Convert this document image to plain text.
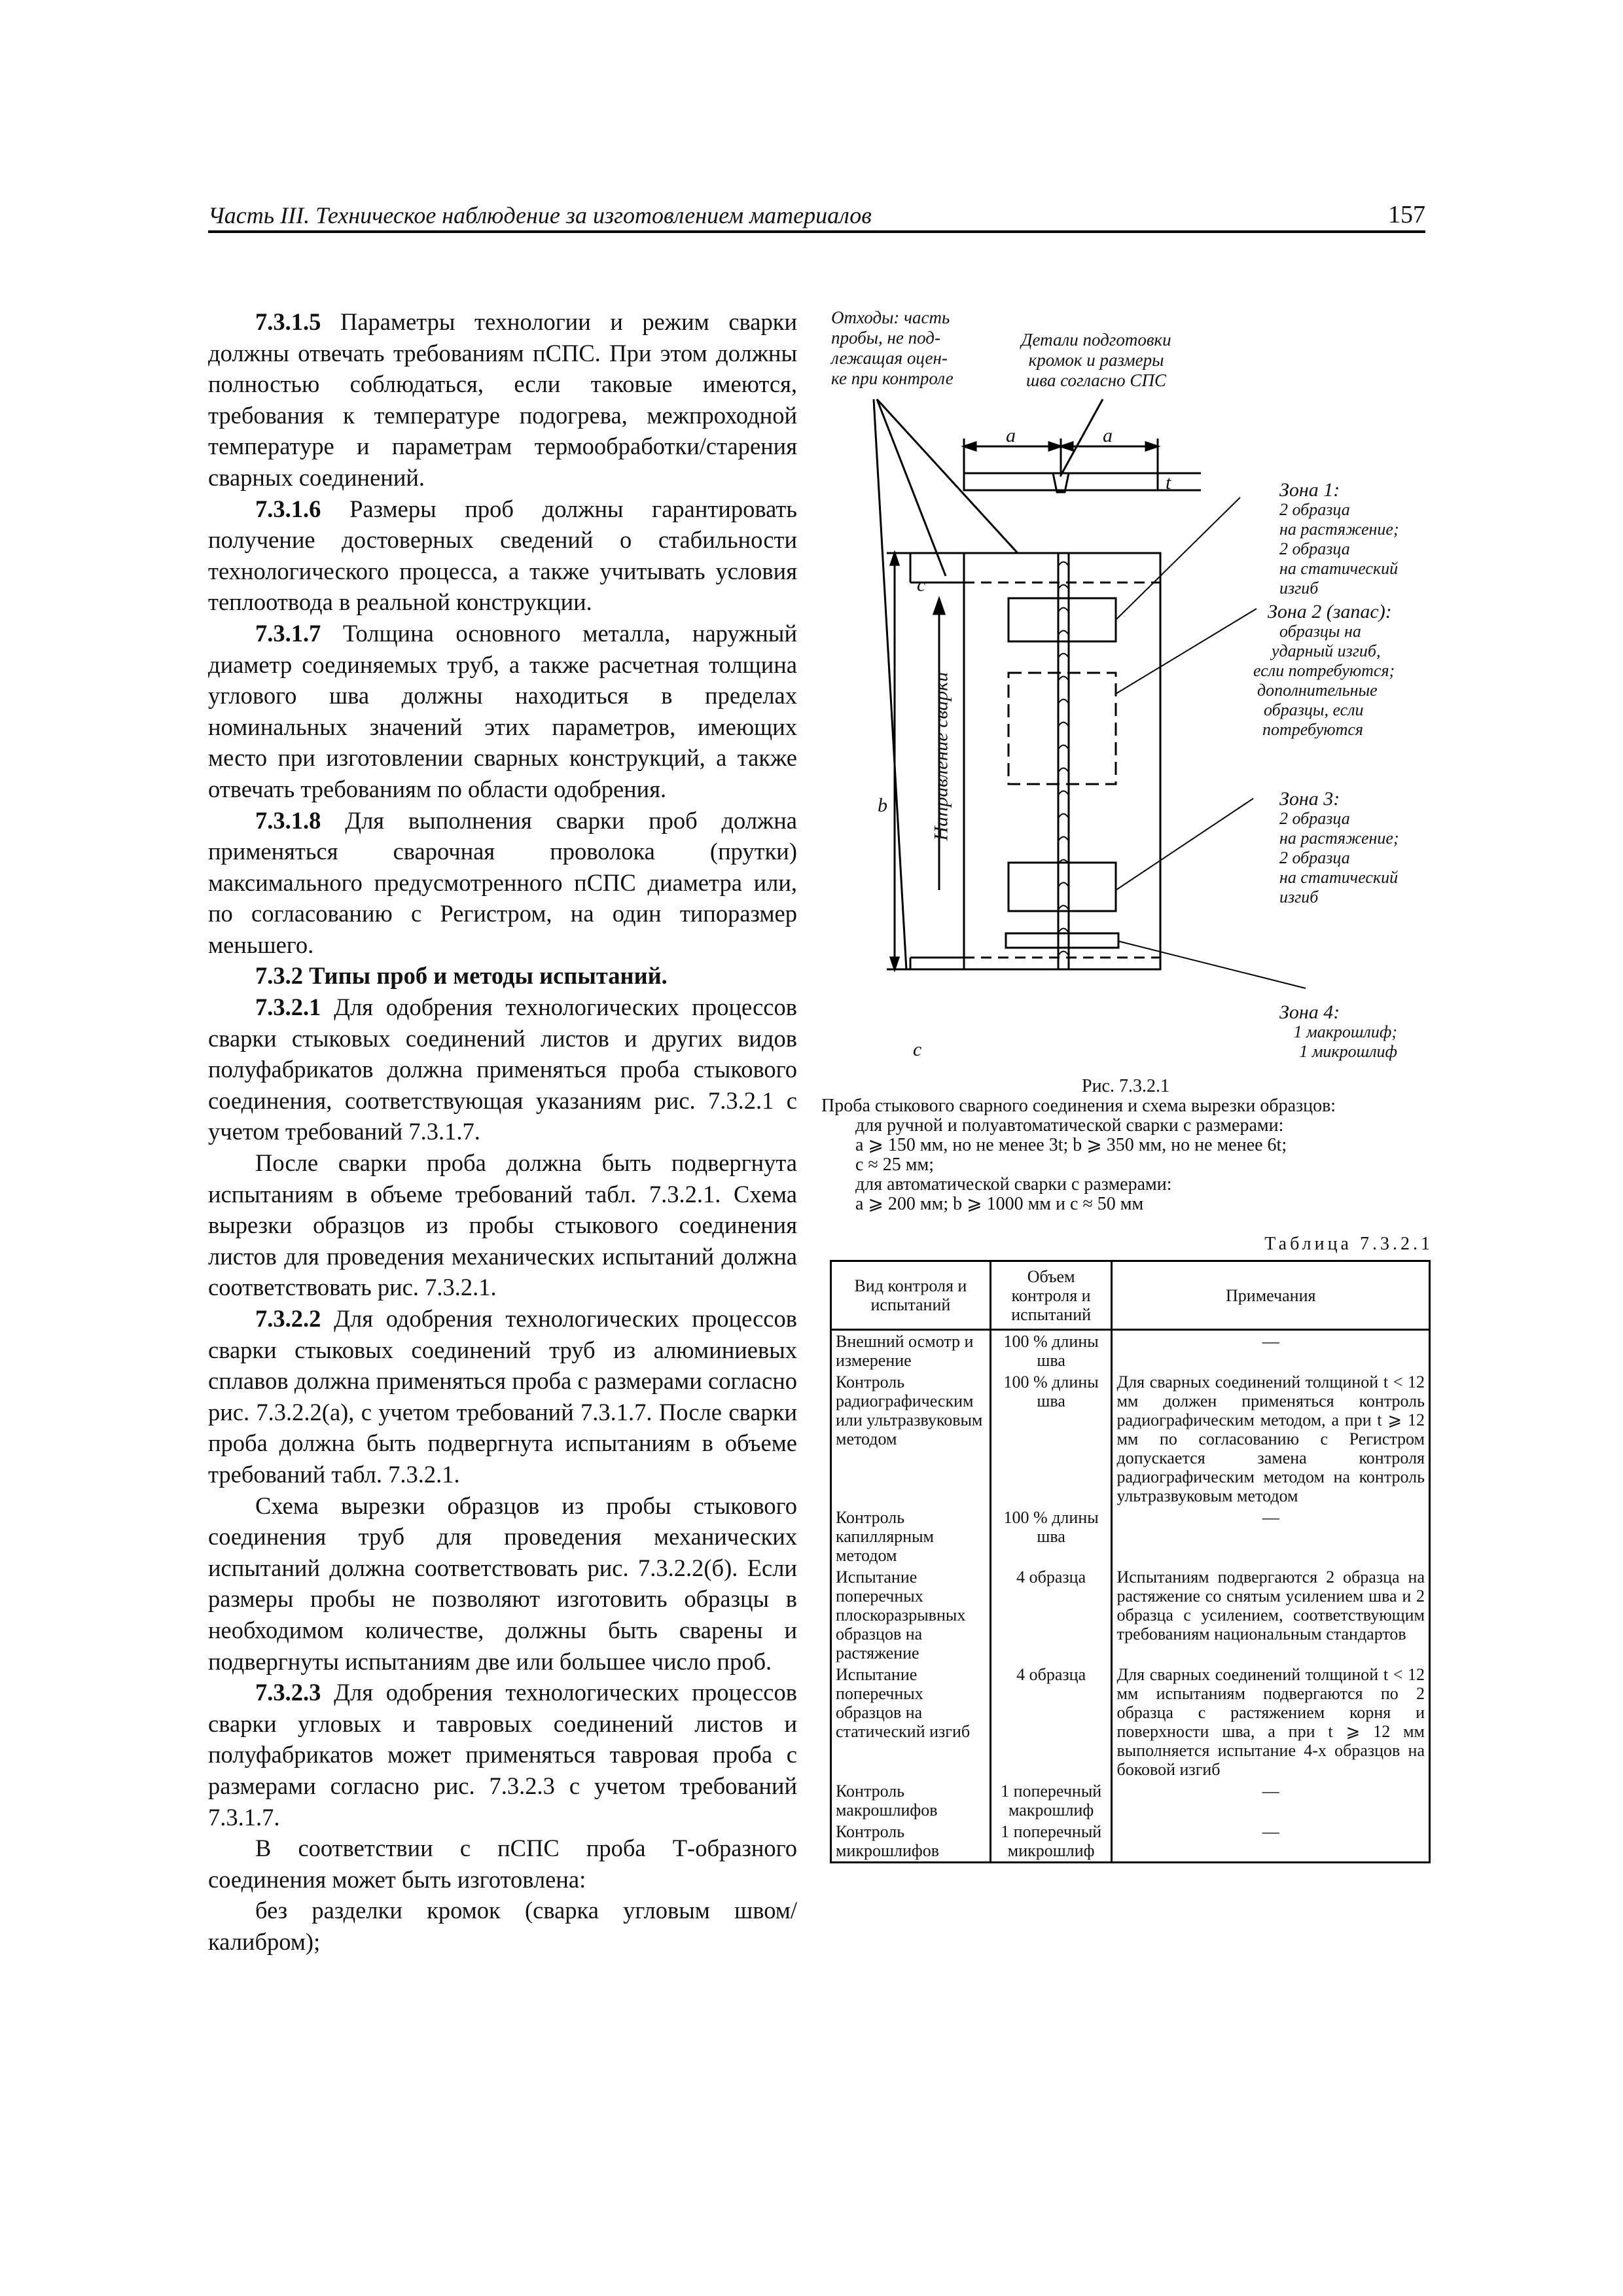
Часть III. Техническое наблюдение за изготовлением материалов	157

7.3.1.5 Параметры технологии и режим сварки должны отвечать требованиям пСПС. При этом должны полностью соблюдаться, если таковые имеются, требования к температуре подогрева, межпроходной температуре и параметрам термообработки/старения сварных соединений.

7.3.1.6 Размеры проб должны гарантировать получение достоверных сведений о стабильности технологического процесса, а также учитывать условия теплоотвода в реальной конструкции.

7.3.1.7 Толщина основного металла, наружный диаметр соединяемых труб, а также расчетная толщина углового шва должны находиться в пределах номинальных значений этих параметров, имеющих место при изготовлении сварных конструкций, а также отвечать требованиям по области одобрения.

7.3.1.8 Для выполнения сварки проб должна применяться сварочная проволока (прутки) максимального предусмотренного пСПС диаметра или, по согласованию с Регистром, на один типоразмер меньшего.

7.3.2 Типы проб и методы испытаний.

7.3.2.1 Для одобрения технологических процессов сварки стыковых соединений листов и других видов полуфабрикатов должна применяться проба стыкового соединения, соответствующая указаниям рис. 7.3.2.1 с учетом требований 7.3.1.7.

После сварки проба должна быть подвергнута испытаниям в объеме требований табл. 7.3.2.1. Схема вырезки образцов из пробы стыкового соединения листов для проведения механических испытаний должна соответствовать рис. 7.3.2.1.

7.3.2.2 Для одобрения технологических процессов сварки стыковых соединений труб из алюминиевых сплавов должна применяться проба с размерами согласно рис. 7.3.2.2(а), с учетом требований 7.3.1.7. После сварки проба должна быть подвергнута испытаниям в объеме требований табл. 7.3.2.1.

Схема вырезки образцов из пробы стыкового соединения труб для проведения механических испытаний должна соответствовать рис. 7.3.2.2(б). Если размеры пробы не позволяют изготовить образцы в необходимом количестве, должны быть сварены и подвергнуты испытаниям две или большее число проб.

7.3.2.3 Для одобрения технологических процессов сварки угловых и тавровых соединений листов и полуфабрикатов может применяться тавровая проба с размерами согласно рис. 7.3.2.3 с учетом требований 7.3.1.7.

В соответствии с пСПС проба Т-образного соединения может быть изготовлена:

без разделки кромок (сварка угловым швом/калибром);

Отходы: часть
пробы, не под-
лежащая оцен-
ке при контроле
Детали подготовки
кромок и размеры
шва согласно СПС
a	a
t
b
c
c
Направление сварки
Зона 1:
2 образца
на растяжение;
2 образца
на статический
изгиб
Зона 2 (запас):
образцы на
ударный изгиб,
если потребуются;
дополнительные
образцы, если
потребуются
Зона 3:
2 образца
на растяжение;
2 образца
на статический
изгиб
Зона 4:
1 макрошлиф;
1 микрошлиф
Рис. 7.3.2.1
Проба стыкового сварного соединения и схема вырезки образцов:
для ручной и полуавтоматической сварки с размерами:
a ⩾ 150 мм, но не менее 3t; b ⩾ 350 мм, но не менее 6t;
c ≈ 25 мм;
для автоматической сварки с размерами:
a ⩾ 200 мм; b ⩾ 1000 мм и c ≈ 50 мм
Таблица 7.3.2.1
Вид контроля и испытаний	Объем контроля и испытаний	Примечания
Внешний осмотр и измерение	100 % длины шва	—
Контроль радиографическим или ультразвуковым методом	100 % длины шва	Для сварных соединений толщиной t < 12 мм должен применяться контроль радиографическим методом, а при t ⩾ 12 мм по согласованию с Регистром допускается замена контроля радиографическим методом на контроль ультразвуковым методом
Контроль капиллярным методом	100 % длины шва	—
Испытание поперечных плоскоразрывных образцов на растяжение	4 образца	Испытаниям подвергаются 2 образца на растяжение со снятым усилением шва и 2 образца с усилением, соответствующим требованиям национальным стандартов
Испытание поперечных образцов на статический изгиб	4 образца	Для сварных соединений толщиной t < 12 мм испытаниям подвергаются по 2 образца с растяжением корня и поверхности шва, а при t ⩾ 12 мм выполняется испытание 4-х образцов на боковой изгиб
Контроль макрошлифов	1 поперечный макрошлиф	—
Контроль микрошлифов	1 поперечный микрошлиф	—
